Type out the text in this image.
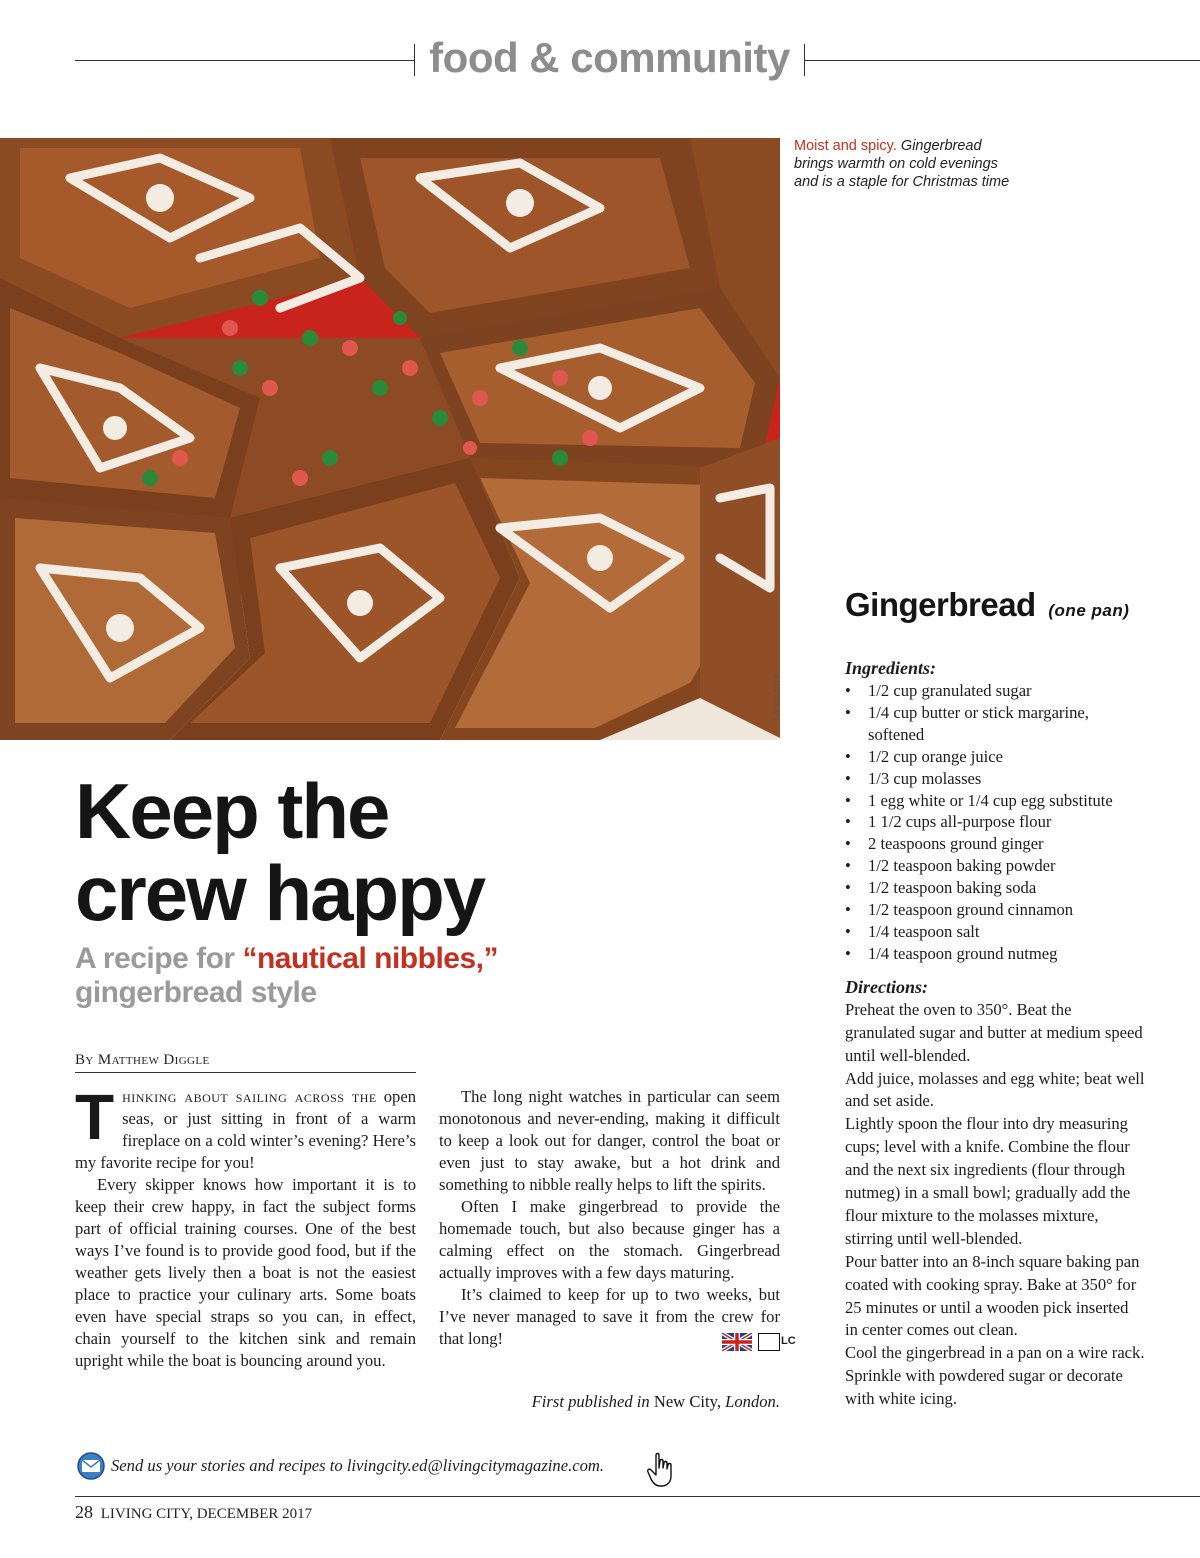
food & community
LIVING CITY
Moist and spicy. Gingerbread brings warmth on cold evenings and is a staple for Christmas time
Keep the
crew happy
A recipe for “nautical nibbles,”
gingerbread style
By Matthew Diggle

Thinking about sailing across the open seas, or just sitting in front of a warm fireplace on a cold winter’s evening? Here’s my favorite recipe for you!

Every skipper knows how important it is to keep their crew happy, in fact the subject forms part of official training courses. One of the best ways I’ve found is to provide good food, but if the weather gets lively then a boat is not the easiest place to practice your culinary arts. Some boats even have special straps so you can, in effect, chain yourself to the kitchen sink and remain upright while the boat is bouncing around you.

The long night watches in particular can seem monotonous and never-ending, making it difficult to keep a look out for danger, control the boat or even just to stay awake, but a hot drink and something to nibble really helps to lift the spirits.

Often I make gingerbread to provide the homemade touch, but also because ginger has a calming effect on the stomach. Gingerbread actually improves with a few days maturing.

It’s claimed to keep for up to two weeks, but I’ve never managed to save it from the crew for that long!	LC

First published in New City, London.
Gingerbread (one pan)
Ingredients:
• 1/2 cup granulated sugar
• 1/4 cup butter or stick margarine, softened
• 1/2 cup orange juice
• 1/3 cup molasses
• 1 egg white or 1/4 cup egg substitute
• 1 1/2 cups all-purpose flour
• 2 teaspoons ground ginger
• 1/2 teaspoon baking powder
• 1/2 teaspoon baking soda
• 1/2 teaspoon ground cinnamon
• 1/4 teaspoon salt
• 1/4 teaspoon ground nutmeg
Directions:

Preheat the oven to 350°. Beat the granulated sugar and butter at medium speed until well-blended.

Add juice, molasses and egg white; beat well and set aside.

Lightly spoon the flour into dry measuring cups; level with a knife. Combine the flour and the next six ingredients (flour through nutmeg) in a small bowl; gradually add the flour mixture to the molasses mixture, stirring until well-blended.

Pour batter into an 8-inch square baking pan coated with cooking spray. Bake at 350° for 25 minutes or until a wooden pick inserted in center comes out clean.

Cool the gingerbread in a pan on a wire rack. Sprinkle with powdered sugar or decorate with white icing.

Send us your stories and recipes to livingcity.ed@livingcitymagazine.com.
28 LIVING CITY, DECEMBER 2017
